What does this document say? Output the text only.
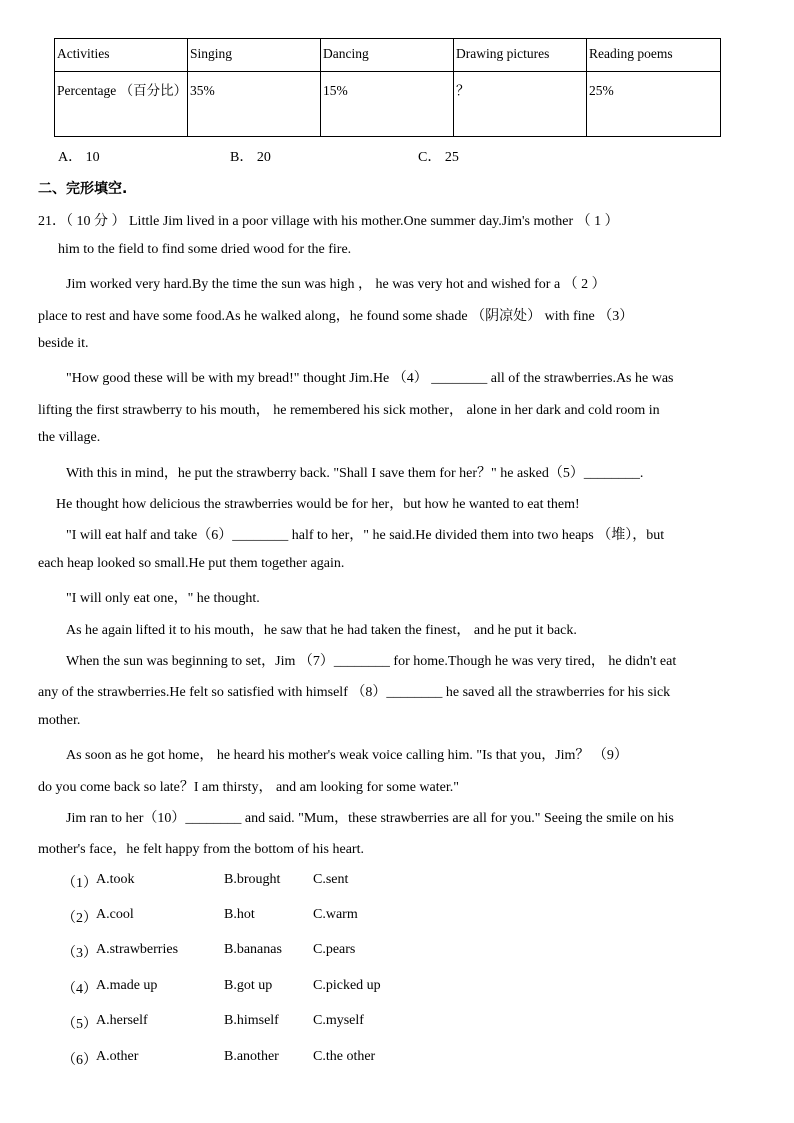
Activities	Singing	Dancing	Drawing pictures	Reading poems
Percentage （百分比）	35%	15%	？	25%
A． 10	B． 20	C． 25
二、完形填空.
21．（ 10 分 ） Little Jim lived in a poor village with his mother.One summer day.Jim's mother （ 1 ）
him to the field to find some dried wood for the fire.
Jim worked very hard.By the time the sun was high ， he was very hot and wished for a （ 2 ）
place to rest and have some food.As he walked along，he found some shade （阴凉处） with fine （3）
beside it.
"How good these will be with my bread!" thought Jim.He （4） ________ all of the strawberries.As he was
lifting the first strawberry to his mouth， he remembered his sick mother， alone in her dark and cold room in
the village.
With this in mind，he put the strawberry back. "Shall I save them for her？" he asked（5）________.
He thought how delicious the strawberries would be for her，but how he wanted to eat them!
"I will eat half and take（6）________ half to her，" he said.He divided them into two heaps （堆），but
each heap looked so small.He put them together again.
"I will only eat one，" he thought.
As he again lifted it to his mouth，he saw that he had taken the finest， and he put it back.
When the sun was beginning to set，Jim （7）________ for home.Though he was very tired， he didn't eat
any of the strawberries.He felt so satisfied with himself （8）________ he saved all the strawberries for his sick
mother.
As soon as he got home， he heard his mother's weak voice calling him. "Is that you，Jim？ （9）
do you come back so late？I am thirsty， and am looking for some water."
Jim ran to her（10）________ and said. "Mum，these strawberries are all for you." Seeing the smile on his
mother's face，he felt happy from the bottom of his heart.
（1） A.took	B.brought C.sent
（2） A.cool	B.hot	C.warm
（3） A.strawberries	B.bananas C.pears
（4） A.made up	B.got up	C.picked up
（5） A.herself	B.himself C.myself
（6） A.other	B.another C.the other
